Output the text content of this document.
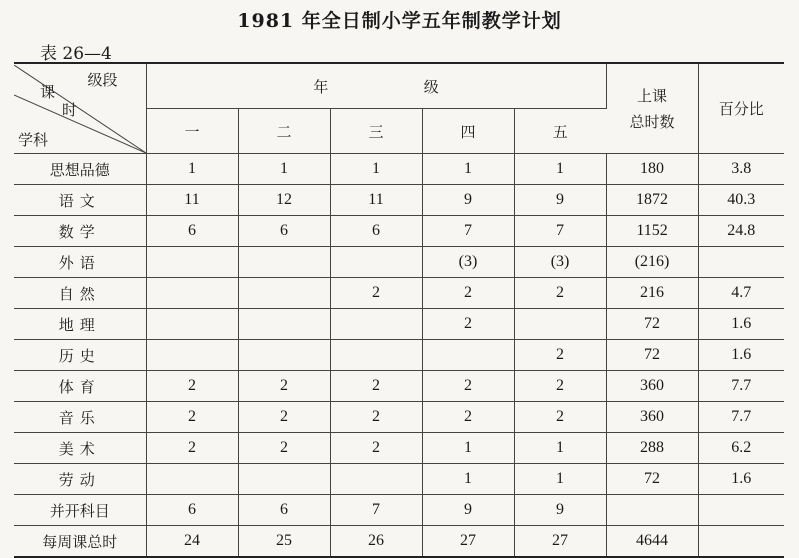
1981 年全日制小学五年制教学计划
表 26—4
级段
课
时
学科	年                    级					上课
总时数	百分比
	一	二	三	四	五		
思想品德	1	1	1	1	1	180	3.8
语文	11	12	11	9	9	1872	40.3
数学	6	6	6	7	7	1152	24.8
外语				(3)	(3)	(216)	
自然			2	2	2	216	4.7
地理				2		72	1.6
历史					2	72	1.6
体育	2	2	2	2	2	360	7.7
音乐	2	2	2	2	2	360	7.7
美术	2	2	2	1	1	288	6.2
劳动				1	1	72	1.6
并开科目	6	6	7	9	9		
每周课总时	24	25	26	27	27	4644	
